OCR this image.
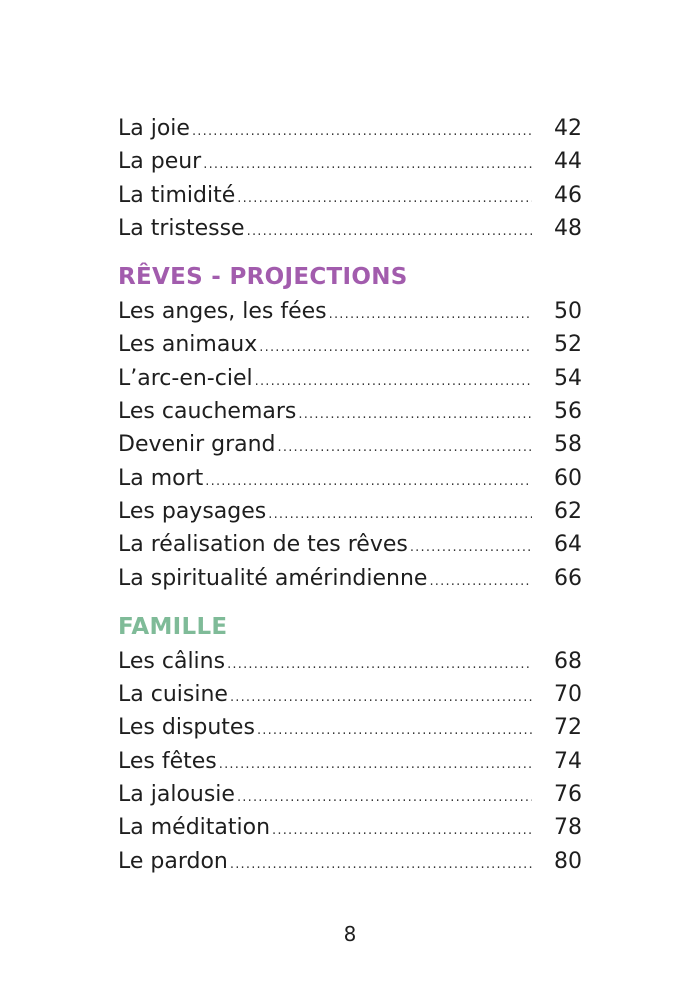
La joie .....	42
La peur .....	44
La timidité .....	46
La tristesse .....	48
RÊVES - PROJECTIONS
Les anges, les fées .....	50
Les animaux .....	52
L’arc-en-ciel .....	54
Les cauchemars .....	56
Devenir grand .....	58
La mort .....	60
Les paysages .....	62
La réalisation de tes rêves .....	64
La spiritualité amérindienne .....	66
FAMILLE
Les câlins .....	68
La cuisine .....	70
Les disputes .....	72
Les fêtes .....	74
La jalousie .....	76
La méditation .....	78
Le pardon .....	80
8
